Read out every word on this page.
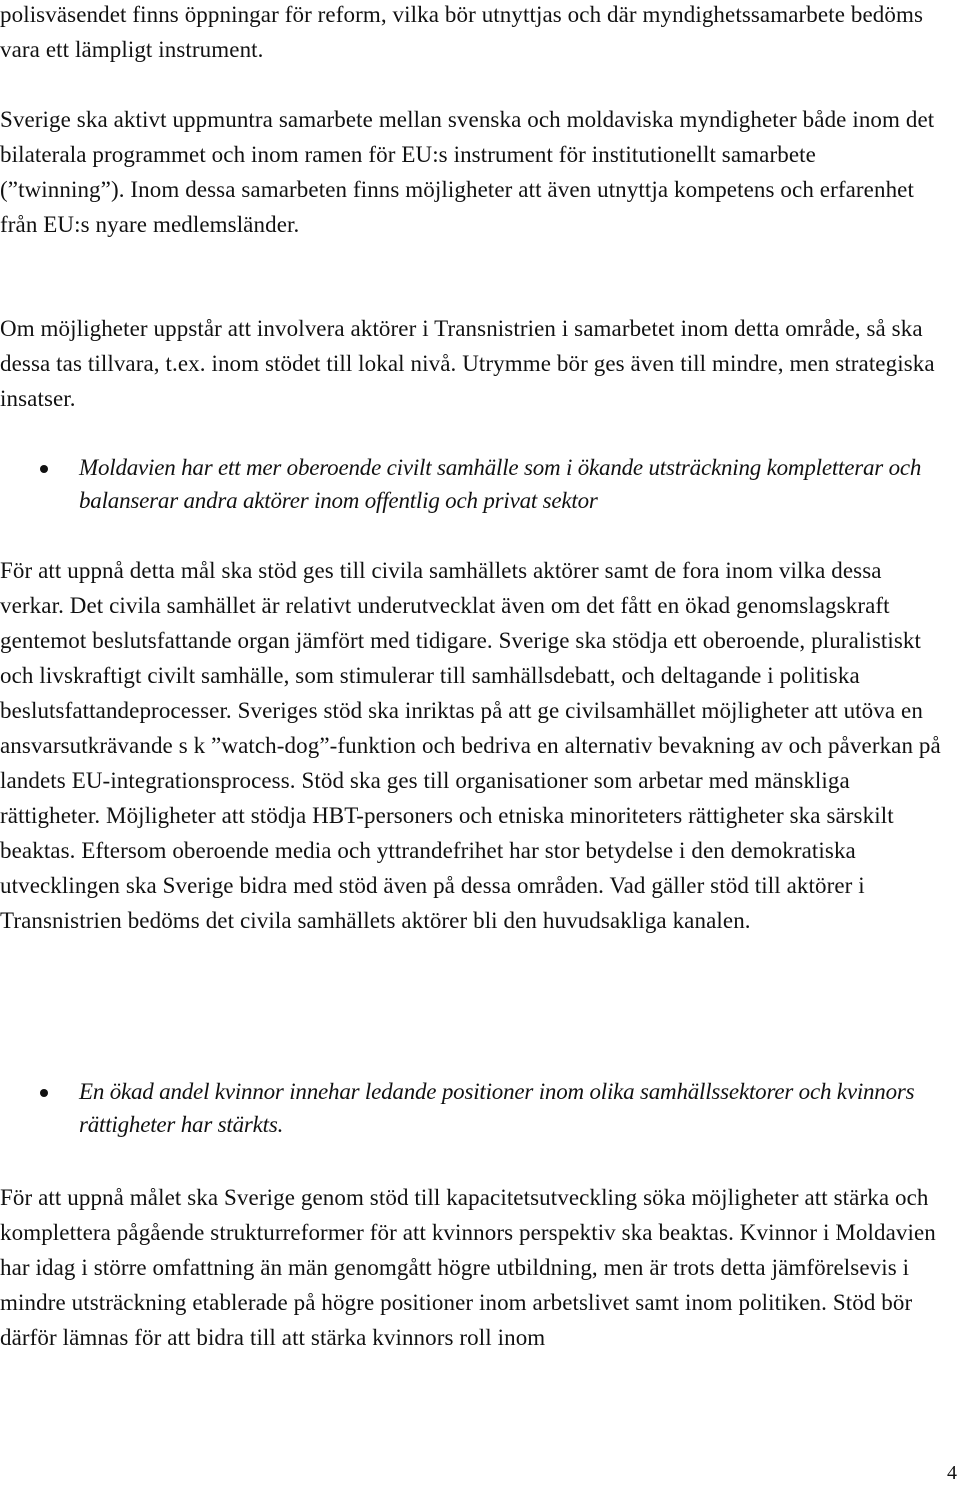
polisväsendet finns öppningar för reform, vilka bör utnyttjas och där myndighetssamarbete bedöms vara ett lämpligt instrument.

Sverige ska aktivt uppmuntra samarbete mellan svenska och moldaviska myndigheter både inom det bilaterala programmet och inom ramen för EU:s instrument för institutionellt samarbete (”twinning”). Inom dessa samarbeten finns möjligheter att även utnyttja kompetens och erfarenhet från EU:s nyare medlemsländer.

Om möjligheter uppstår att involvera aktörer i Transnistrien i samarbetet inom detta område, så ska dessa tas tillvara, t.ex. inom stödet till lokal nivå. Utrymme bör ges även till mindre, men strategiska insatser.

Moldavien har ett mer oberoende civilt samhälle som i ökande utsträckning kompletterar och balanserar andra aktörer inom offentlig och privat sektor

För att uppnå detta mål ska stöd ges till civila samhällets aktörer samt de fora inom vilka dessa verkar. Det civila samhället är relativt underutvecklat även om det fått en ökad genomslagskraft gentemot beslutsfattande organ jämfört med tidigare. Sverige ska stödja ett oberoende, pluralistiskt och livskraftigt civilt samhälle, som stimulerar till samhällsdebatt, och deltagande i politiska beslutsfattandeprocesser. Sveriges stöd ska inriktas på att ge civilsamhället möjligheter att utöva en ansvarsutkrävande s k ”watch-dog”-funktion och bedriva en alternativ bevakning av och påverkan på landets EU-integrationsprocess. Stöd ska ges till organisationer som arbetar med mänskliga rättigheter. Möjligheter att stödja HBT-personers och etniska minoriteters rättigheter ska särskilt beaktas. Eftersom oberoende media och yttrandefrihet har stor betydelse i den demokratiska utvecklingen ska Sverige bidra med stöd även på dessa områden. Vad gäller stöd till aktörer i Transnistrien bedöms det civila samhällets aktörer bli den huvudsakliga kanalen.

En ökad andel kvinnor innehar ledande positioner inom olika samhällssektorer och kvinnors rättigheter har stärkts.

För att uppnå målet ska Sverige genom stöd till kapacitetsutveckling söka möjligheter att stärka och komplettera pågående strukturreformer för att kvinnors perspektiv ska beaktas. Kvinnor i Moldavien har idag i större omfattning än män genomgått högre utbildning, men är trots detta jämförelsevis i mindre utsträckning etablerade på högre positioner inom arbetslivet samt inom politiken. Stöd bör därför lämnas för att bidra till att stärka kvinnors roll inom

4
